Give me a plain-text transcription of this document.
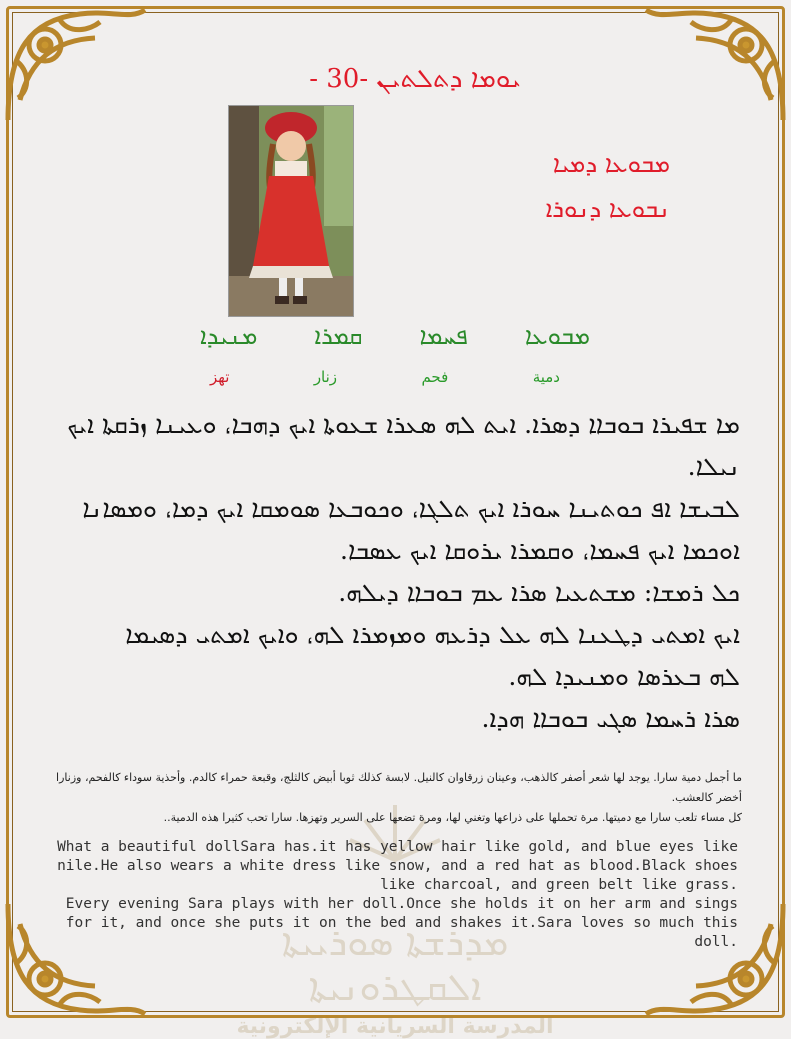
ܡܕܪܫܬܐ ܣܘܪܝܝܬܐ ܐܠܩܛܪܘܢܝܬܐ
المدرسة السريانية الإلكترونية
ܝܘܡܐ ܕܬܠܬܝܢ -30 -
ܡܒܘܥܐ ܕܡܝܐ
ܢܒܘܥܐ ܕܢܘܪܐ
ܡܒܘܥܐ
ܦܚܡܐ
ܩܡܪܐ
ܡܢܝܕܐ
دمية
فحم
زنار
تهز

ܡܐ ܫܦܝܪܐ ܒܘܒܐܐ ܕܣܪܐ. ܐܝܬ ܠܗ ܣܥܪܐ ܫܥܘܬܐ ܐܝܟ ܕܗܒܐ، ܘܥܝܢܐ ܙܪܩܬܐ ܐܝܟ ܢܝܠܐ.

ܠܒܝܫܐ ܐܦ ܟܘܬܝܢܐ ܚܘܪܐ ܐܝܟ ܬܠܓܐ، ܘܟܘܒܥܐ ܣܘܡܩܐ ܐܝܟ ܕܡܐ، ܘܡܣܐܢܐ ܐܘܟܡܐ ܐܝܟ ܦܚܡܐ، ܘܩܡܪܐ ܝܪܘܩܐ ܐܝܟ ܥܣܒܐ.

ܟܠ ܪܡܫܐ: ܡܫܬܥܝܐ ܣܪܐ ܥܡ ܒܘܒܐܐ ܕܝܠܗ.

ܐܝܟ ܐܡܬܝ ܕܛܥܢܐ ܠܗ ܥܠ ܕܪܥܗ ܘܡܙܡܪܐ ܠܗ، ܘܐܝܟ ܐܡܬܝ ܕܣܝܡܐ

ܠܗ ܒܥܪܣܐ ܘܡܢܝܕܐ ܠܗ.

ܣܪܐ ܪܚܡܐ ܣܓܝ ܒܘܒܐܐ ܗܕܐ.

ما أجمل دمية سارا. يوجد لها شعر أصفر كالذهب، وعينان زرقاوان كالنيل. لابسة كذلك ثوبا أبيض كالثلج، وقبعة حمراء كالدم. وأحذية سوداء كالفحم، وزنارا أخضر كالعشب.

كل مساء تلعب سارا مع دميتها. مرة تحملها على ذراعها وتغني لها، ومرة تضعها على السرير وتهزها. سارا تحب كثيرا هذه الدمية..

What a beautiful dollSara has.it has yellow hair like gold, and blue eyes like nile.He also wears a white dress like snow, and a red hat as blood.Black shoes like charcoal, and green belt like grass.

Every evening Sara plays with her doll.Once she holds it on her arm and sings for it, and once she puts it on the bed and shakes it.Sara loves so much this doll.
